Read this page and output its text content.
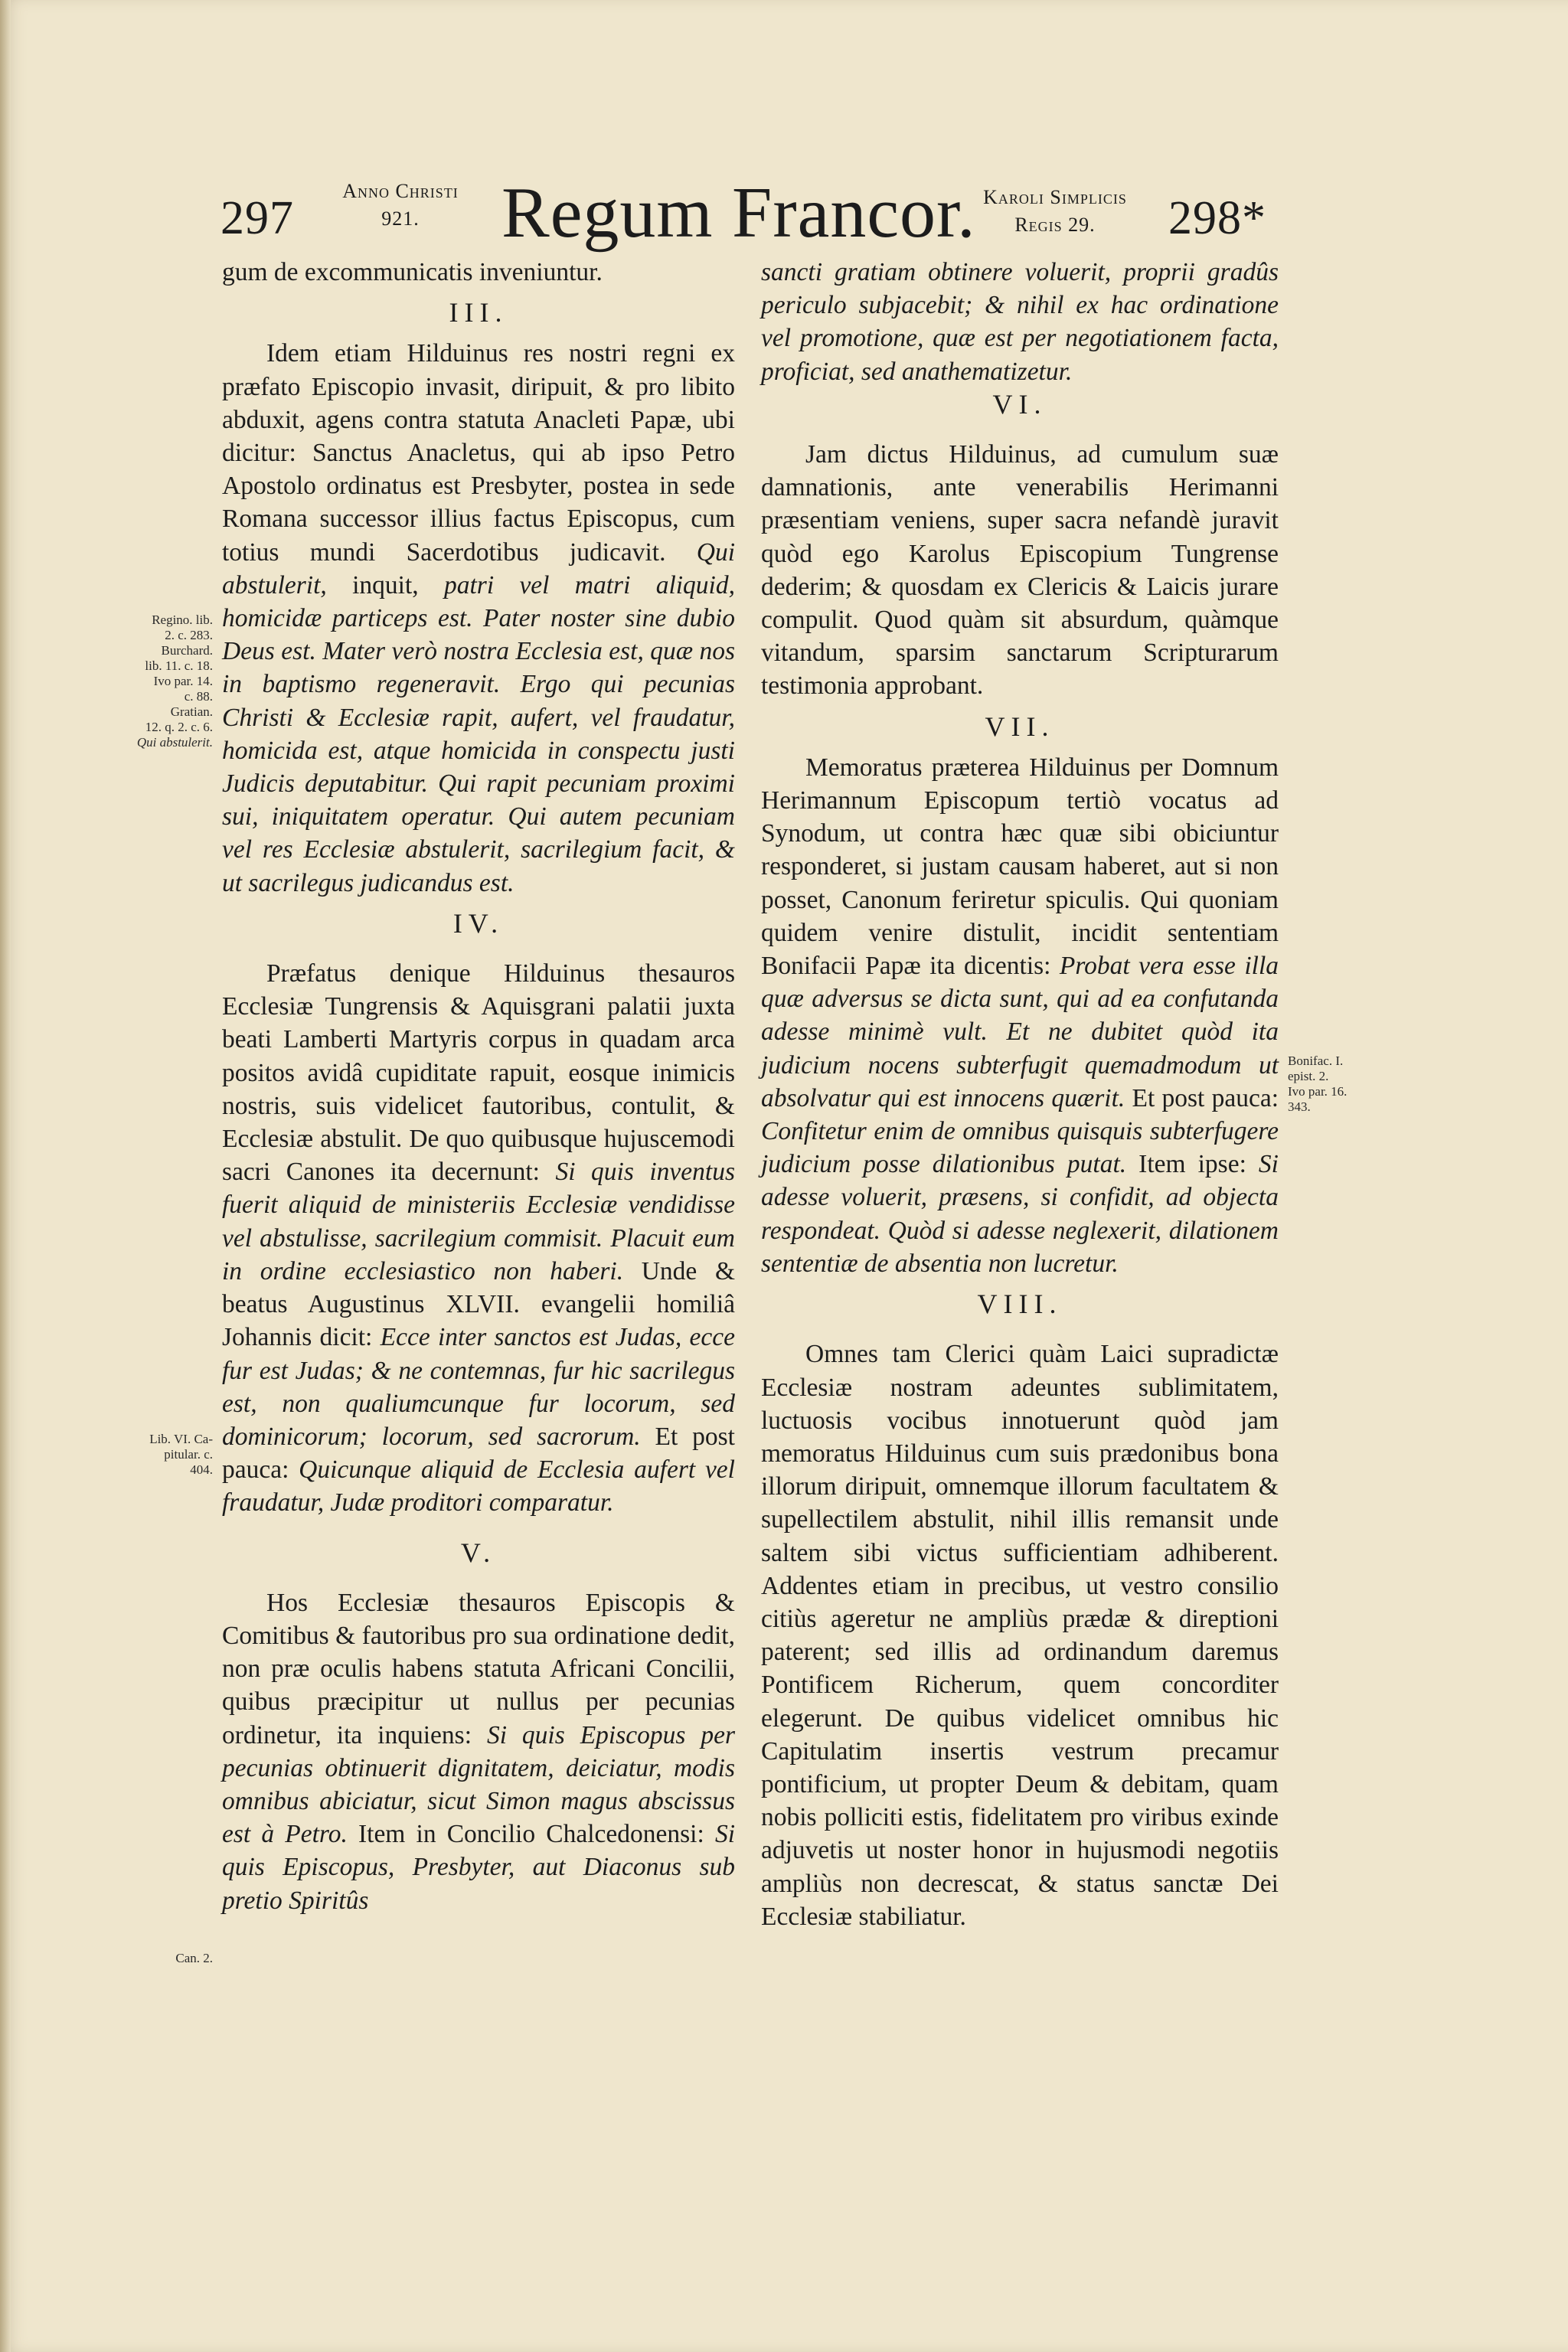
297
Anno Christi
921.	Regum Francor. Karoli Simplicis
Regis 29.	298*

gum de excommunicatis inveniuntur.

III.

Idem etiam Hilduinus res nostri regni ex præfato Episcopio invasit, diripuit, & pro libito abduxit, agens contra statuta Anacleti Papæ, ubi dicitur: Sanctus Anacletus, qui ab ipso Petro Apostolo ordinatus est Presbyter, postea in sede Romana successor illius factus Episcopus, cum totius mundi Sacerdotibus judicavit. Qui abstulerit, inquit, patri vel matri aliquid, homicidæ particeps est. Pater noster sine dubio Deus est. Mater verò nostra Ecclesia est, quæ nos in baptismo regeneravit. Ergo qui pecunias Christi & Ecclesiæ rapit, aufert, vel fraudatur, homicida est, atque homicida in conspectu justi Judicis deputabitur. Qui rapit pecuniam proximi sui, iniquitatem operatur. Qui autem pecuniam vel res Ecclesiæ abstulerit, sacrilegium facit, & ut sacrilegus judicandus est.

IV.

Præfatus denique Hilduinus thesauros Ecclesiæ Tungrensis & Aquisgrani palatii juxta beati Lamberti Martyris corpus in quadam arca positos avidâ cupiditate rapuit, eosque inimicis nostris, suis videlicet fautoribus, contulit, & Ecclesiæ abstulit. De quo quibusque hujuscemodi sacri Canones ita decernunt: Si quis inventus fuerit aliquid de ministeriis Ecclesiæ vendidisse vel abstulisse, sacrilegium commisit. Placuit eum in ordine ecclesiastico non haberi. Unde & beatus Augustinus XLVII. evangelii homiliâ Johannis dicit: Ecce inter sanctos est Judas, ecce fur est Judas; & ne contemnas, fur hic sacrilegus est, non qualiumcunque fur locorum, sed dominicorum; locorum, sed sacrorum. Et post pauca: Quicunque aliquid de Ecclesia aufert vel fraudatur, Judæ proditori comparatur.

V.

Hos Ecclesiæ thesauros Episcopis & Comitibus & fautoribus pro sua ordinatione dedit, non præ oculis habens statuta Africani Concilii, quibus præcipitur ut nullus per pecunias ordinetur, ita inquiens: Si quis Episcopus per pecunias obtinuerit dignitatem, deiciatur, modis omnibus abiciatur, sicut Simon magus abscissus est à Petro. Item in Concilio Chalcedonensi: Si quis Episcopus, Presbyter, aut Diaconus sub pretio Spiritûs

sancti gratiam obtinere voluerit, proprii gradûs periculo subjacebit; & nihil ex hac ordinatione vel promotione, quæ est per negotiationem facta, proficiat, sed anathematizetur.

VI.

Jam dictus Hilduinus, ad cumulum suæ damnationis, ante venerabilis Herimanni præsentiam veniens, super sacra nefandè juravit quòd ego Karolus Episcopium Tungrense dederim; & quosdam ex Clericis & Laicis jurare compulit. Quod quàm sit absurdum, quàmque vitandum, sparsim sanctarum Scripturarum testimonia approbant.

VII.

Memoratus præterea Hilduinus per Domnum Herimannum Episcopum tertiò vocatus ad Synodum, ut contra hæc quæ sibi obiciuntur responderet, si justam causam haberet, aut si non posset, Canonum feriretur spiculis. Qui quoniam quidem venire distulit, incidit sententiam Bonifacii Papæ ita dicentis: Probat vera esse illa quæ adversus se dicta sunt, qui ad ea confutanda adesse minimè vult. Et ne dubitet quòd ita judicium nocens subterfugit quemadmodum ut absolvatur qui est innocens quærit. Et post pauca: Confitetur enim de omnibus quisquis subterfugere judicium posse dilationibus putat. Item ipse: Si adesse voluerit, præsens, si confidit, ad objecta respondeat. Quòd si adesse neglexerit, dilationem sententiæ de absentia non lucretur.

VIII.

Omnes tam Clerici quàm Laici supradictæ Ecclesiæ nostram adeuntes sublimitatem, luctuosis vocibus innotuerunt quòd jam memoratus Hilduinus cum suis prædonibus bona illorum diripuit, omnemque illorum facultatem & supellectilem abstulit, nihil illis remansit unde saltem sibi victus sufficientiam adhiberent. Addentes etiam in precibus, ut vestro consilio citiùs ageretur ne ampliùs prædæ & direptioni paterent; sed illis ad ordinandum daremus Pontificem Richerum, quem concorditer elegerunt. De quibus videlicet omnibus hic Capitulatim insertis vestrum precamur pontificium, ut propter Deum & debitam, quam nobis polliciti estis, fidelitatem pro viribus exinde adjuvetis ut noster honor in hujusmodi negotiis ampliùs non decrescat, & status sanctæ Dei Ecclesiæ stabiliatur.

Regino. lib.
2. c. 283.
Burchard.
lib. 11. c. 18.
Ivo par. 14.
c. 88.
Gratian.
12. q. 2. c. 6.
Qui abstulerit.
Lib. VI. Ca-
pitular. c.
404.
Can. 2.
Bonifac. I.
epist. 2.
Ivo par. 16.
343.
